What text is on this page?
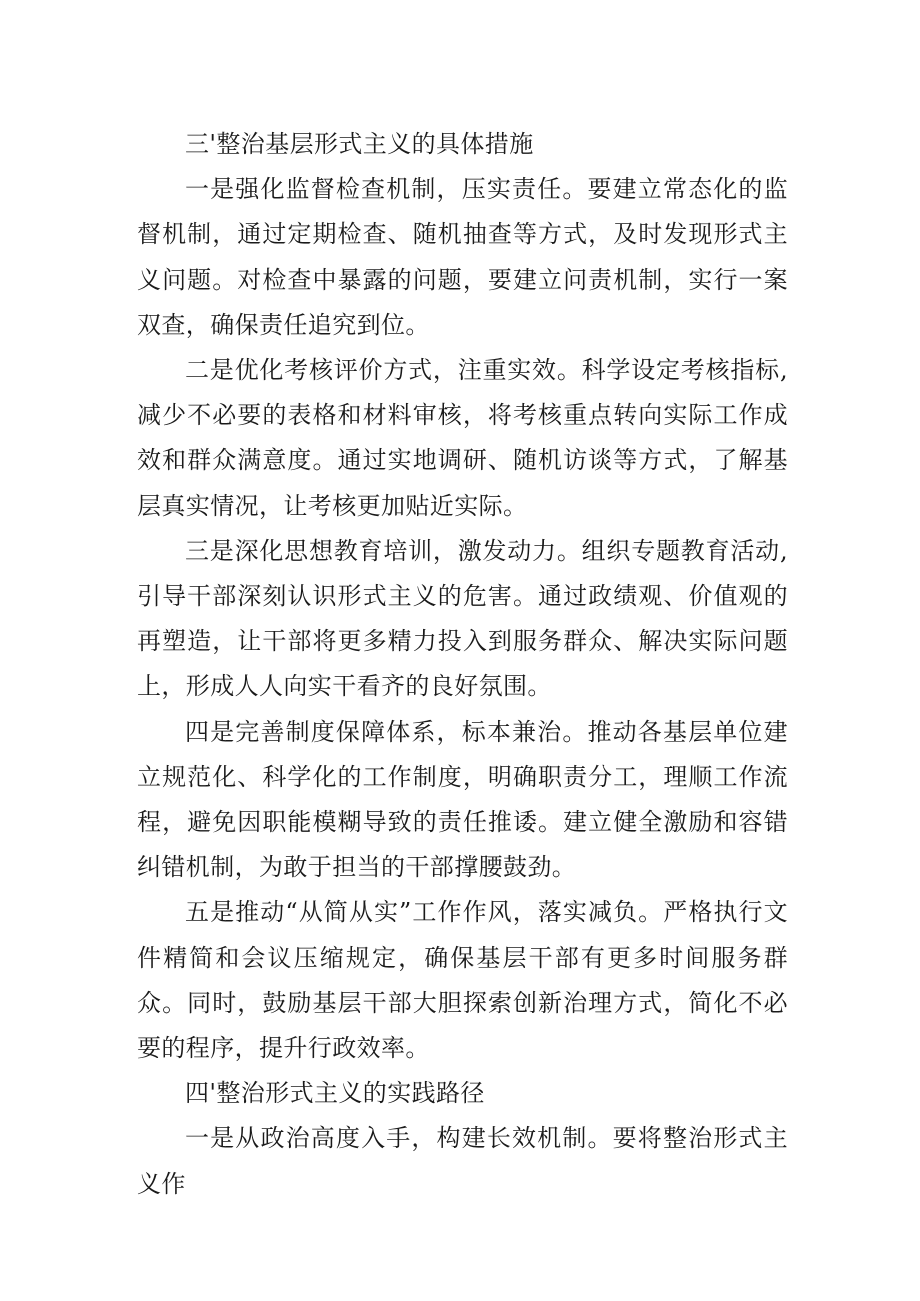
三'整治基层形式主义的具体措施

一是强化监督检查机制，压实责任。要建立常态化的监督机制，通过定期检查、随机抽查等方式，及时发现形式主义问题。对检查中暴露的问题，要建立问责机制，实行一案双查，确保责任追究到位。

二是优化考核评价方式，注重实效。科学设定考核指标,减少不必要的表格和材料审核，将考核重点转向实际工作成效和群众满意度。通过实地调研、随机访谈等方式，了解基层真实情况，让考核更加贴近实际。

三是深化思想教育培训，激发动力。组织专题教育活动,引导干部深刻认识形式主义的危害。通过政绩观、价值观的再塑造，让干部将更多精力投入到服务群众、解决实际问题上，形成人人向实干看齐的良好氛围。

四是完善制度保障体系，标本兼治。推动各基层单位建立规范化、科学化的工作制度，明确职责分工，理顺工作流程，避免因职能模糊导致的责任推诿。建立健全激励和容错纠错机制，为敢于担当的干部撑腰鼓劲。

五是推动“从简从实”工作作风，落实减负。严格执行文件精简和会议压缩规定，确保基层干部有更多时间服务群众。同时，鼓励基层干部大胆探索创新治理方式，简化不必要的程序，提升行政效率。

四'整治形式主义的实践路径

一是从政治高度入手，构建长效机制。要将整治形式主义作
